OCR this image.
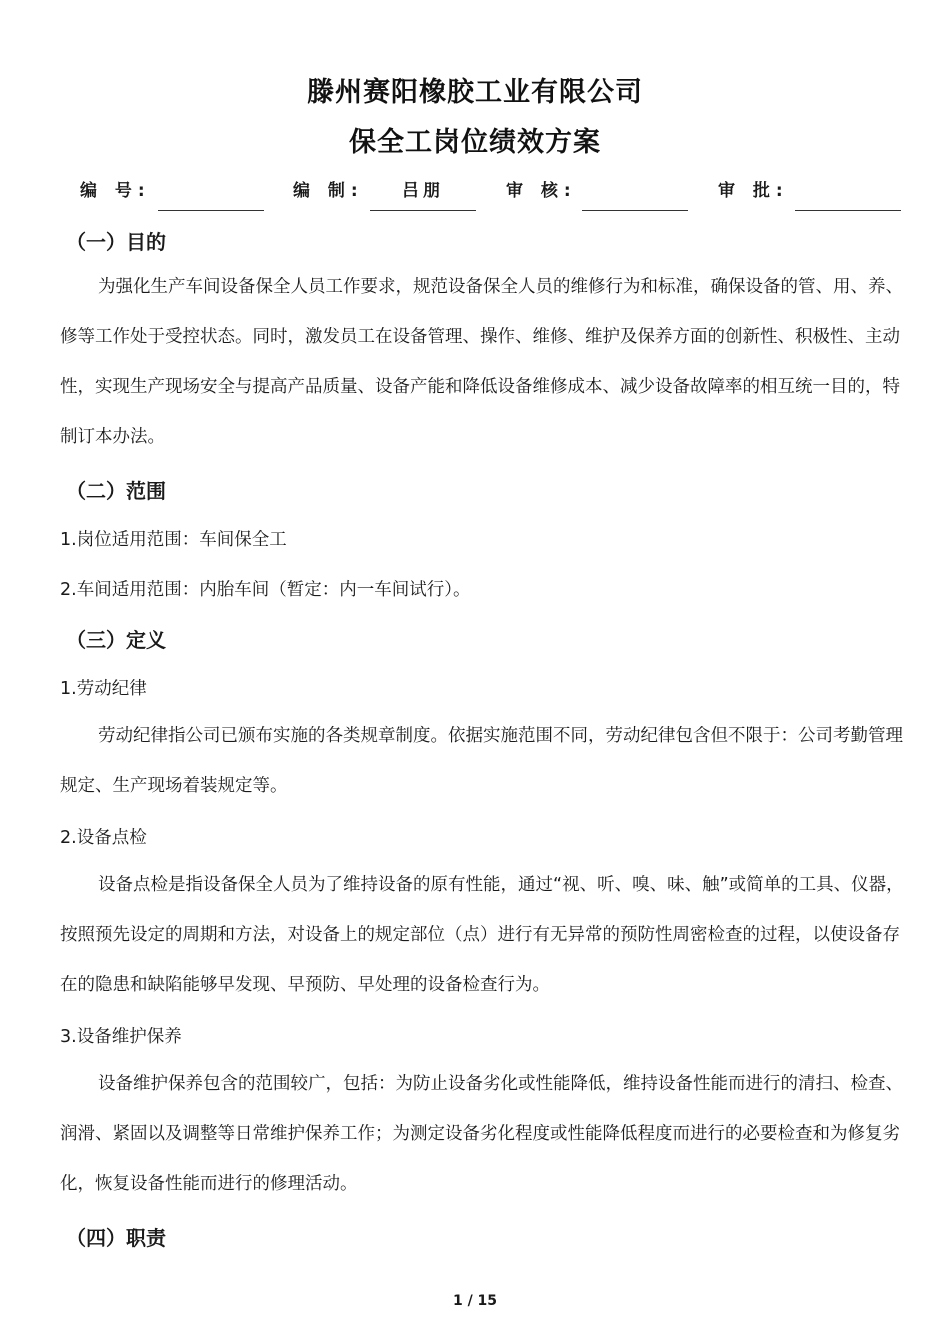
滕州赛阳橡胶工业有限公司
保全工岗位绩效方案
编 号:	编 制:	吕朋	审 核:	审 批:
（一）目的

为强化生产车间设备保全人员工作要求，规范设备保全人员的维修行为和标准，确保设备的管、用、养、修等工作处于受控状态。同时，激发员工在设备管理、操作、维修、维护及保养方面的创新性、积极性、主动性，实现生产现场安全与提高产品质量、设备产能和降低设备维修成本、减少设备故障率的相互统一目的，特制订本办法。

（二）范围
1.岗位适用范围：车间保全工
2.车间适用范围：内胎车间（暂定：内一车间试行）。
（三）定义
1.劳动纪律

劳动纪律指公司已颁布实施的各类规章制度。依据实施范围不同，劳动纪律包含但不限于：公司考勤管理规定、生产现场着装规定等。

2.设备点检

设备点检是指设备保全人员为了维持设备的原有性能，通过“视、听、嗅、味、触”或简单的工具、仪器，按照预先设定的周期和方法，对设备上的规定部位（点）进行有无异常的预防性周密检查的过程，以使设备存在的隐患和缺陷能够早发现、早预防、早处理的设备检查行为。

3.设备维护保养

设备维护保养包含的范围较广，包括：为防止设备劣化或性能降低，维持设备性能而进行的清扫、检查、润滑、紧固以及调整等日常维护保养工作；为测定设备劣化程度或性能降低程度而进行的必要检查和为修复劣化，恢复设备性能而进行的修理活动。

（四）职责
1 / 15
